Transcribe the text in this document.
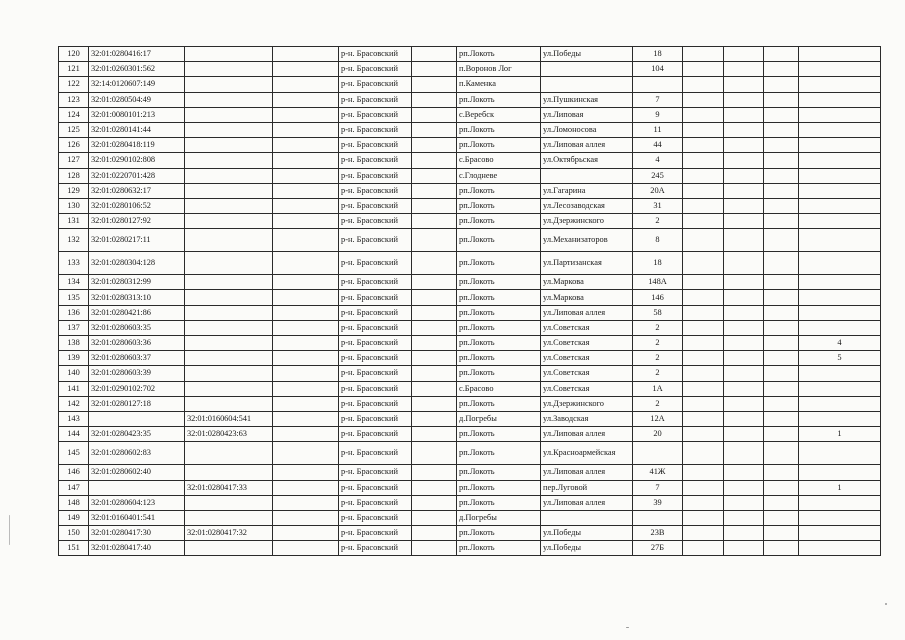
120	32:01:0280416:17			р-н. Брасовский		рп.Локоть	ул.Победы	18				
121	32:01:0260301:562			р-н. Брасовский		п.Воронов Лог		104				
122	32:14:0120607:149			р-н. Брасовский		п.Каменка						
123	32:01:0280504:49			р-н. Брасовский		рп.Локоть	ул.Пушкинская	7				
124	32:01:0080101:213			р-н. Брасовский		с.Веребск	ул.Липовая	9				
125	32:01:0280141:44			р-н. Брасовский		рп.Локоть	ул.Ломоносова	11				
126	32:01:0280418:119			р-н. Брасовский		рп.Локоть	ул.Липовая аллея	44				
127	32:01:0290102:808			р-н. Брасовский		с.Брасово	ул.Октябрьская	4				
128	32:01:0220701:428			р-н. Брасовский		с.Глодневе		245				
129	32:01:0280632:17			р-н. Брасовский		рп.Локоть	ул.Гагарина	20А				
130	32:01:0280106:52			р-н. Брасовский		рп.Локоть	ул.Лесозаводская	31				
131	32:01:0280127:92			р-н. Брасовский		рп.Локоть	ул.Дзержинского	2				
132	32:01:0280217:11			р-н. Брасовский		рп.Локоть	ул.Механизаторов	8				
133	32:01:0280304:128			р-н. Брасовский		рп.Локоть	ул.Партизанская	18				
134	32:01:0280312:99			р-н. Брасовский		рп.Локоть	ул.Маркова	148А				
135	32:01:0280313:10			р-н. Брасовский		рп.Локоть	ул.Маркова	146				
136	32:01:0280421:86			р-н. Брасовский		рп.Локоть	ул.Липовая аллея	58				
137	32:01:0280603:35			р-н. Брасовский		рп.Локоть	ул.Советская	2				
138	32:01:0280603:36			р-н. Брасовский		рп.Локоть	ул.Советская	2				4
139	32:01:0280603:37			р-н. Брасовский		рп.Локоть	ул.Советская	2				5
140	32:01:0280603:39			р-н. Брасовский		рп.Локоть	ул.Советская	2				
141	32:01:0290102:702			р-н. Брасовский		с.Брасово	ул.Советская	1А				
142	32:01:0280127:18			р-н. Брасовский		рп.Локоть	ул.Дзержинского	2				
143		32:01:0160604:541		р-н. Брасовский		д.Погребы	ул.Заводская	12А				
144	32:01:0280423:35	32:01:0280423:63		р-н. Брасовский		рп.Локоть	ул.Липовая аллея	20				1
145	32:01:0280602:83			р-н. Брасовский		рп.Локоть	ул.Красноармейская					
146	32:01:0280602:40			р-н. Брасовский		рп.Локоть	ул.Липовая аллея	41Ж				
147		32:01:0280417:33		р-н. Брасовский		рп.Локоть	пер.Луговой	7				1
148	32:01:0280604:123			р-н. Брасовский		рп.Локоть	ул.Липовая аллея	39				
149	32:01:0160401:541			р-н. Брасовский		д.Погребы						
150	32:01:0280417:30	32:01:0280417:32		р-н. Брасовский		рп.Локоть	ул.Победы	23В				
151	32:01:0280417:40			р-н. Брасовский		рп.Локоть	ул.Победы	27Б				
